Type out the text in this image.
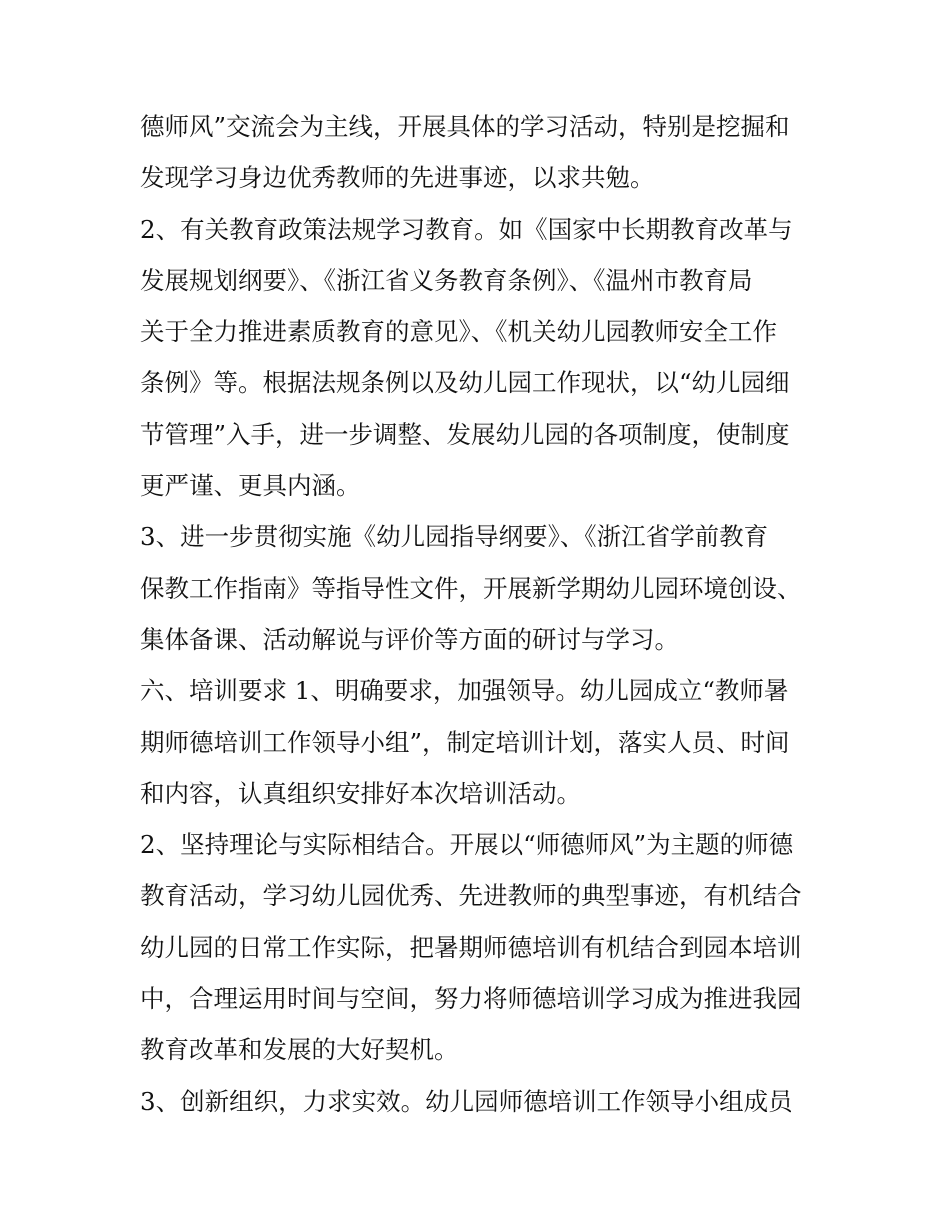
德师风”交流会为主线，开展具体的学习活动，特别是挖掘和
发现学习身边优秀教师的先进事迹，以求共勉。
2、有关教育政策法规学习教育。如《国家中长期教育改革与
发展规划纲要》、《浙江省义务教育条例》、《温州市教育局
关于全力推进素质教育的意见》、《机关幼儿园教师安全工作
条例》等。根据法规条例以及幼儿园工作现状，以“幼儿园细
节管理”入手，进一步调整、发展幼儿园的各项制度，使制度
更严谨、更具内涵。
3、进一步贯彻实施《幼儿园指导纲要》、《浙江省学前教育
保教工作指南》等指导性文件，开展新学期幼儿园环境创设、
集体备课、活动解说与评价等方面的研讨与学习。
六、培训要求 1、明确要求，加强领导。幼儿园成立“教师暑
期师德培训工作领导小组”，制定培训计划，落实人员、时间
和内容，认真组织安排好本次培训活动。
2、坚持理论与实际相结合。开展以“师德师风”为主题的师德
教育活动，学习幼儿园优秀、先进教师的典型事迹，有机结合
幼儿园的日常工作实际，把暑期师德培训有机结合到园本培训
中，合理运用时间与空间，努力将师德培训学习成为推进我园
教育改革和发展的大好契机。
3、创新组织，力求实效。幼儿园师德培训工作领导小组成员
